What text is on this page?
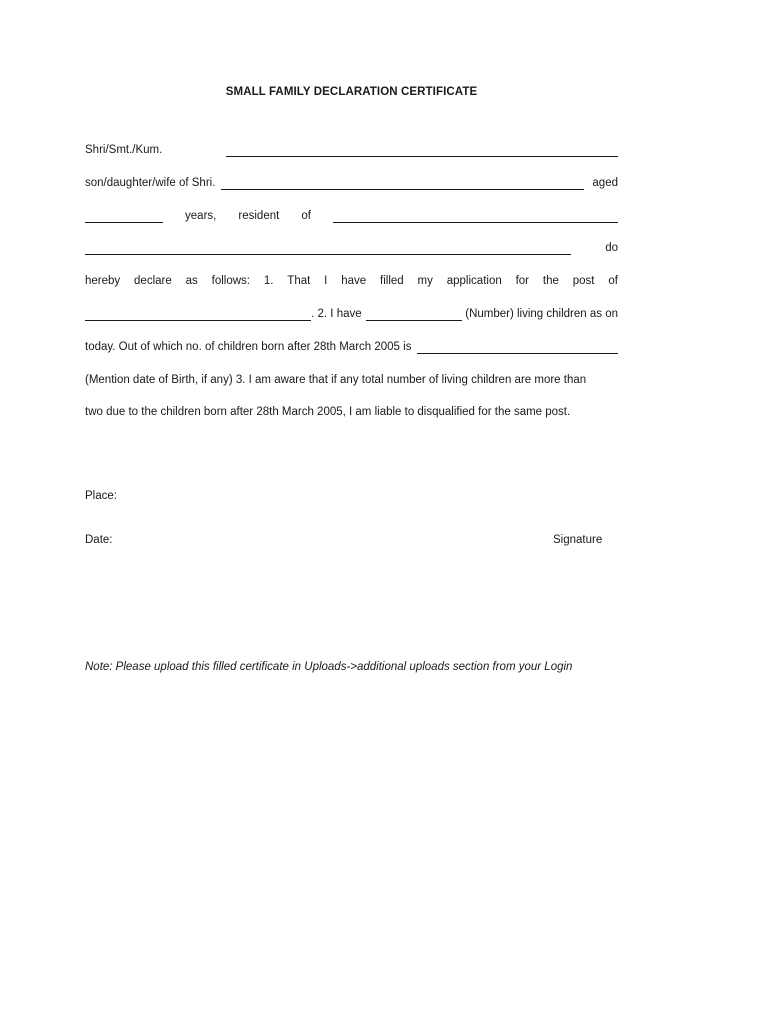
SMALL FAMILY DECLARATION CERTIFICATE
Shri/Smt./Kum.
son/daughter/wife of Shri.	aged
years, resident of
do
hereby declare as follows: 1. That I have filled my application for the post of
. 2. I have	(Number) living children as on
today. Out of which no. of children born after 28th March 2005 is
(Mention date of Birth, if any) 3. I am aware that if any total number of living children are more than
two due to the children born after 28th March 2005, I am liable to disqualified for the same post.
Place:
Date:	Signature
Note: Please upload this filled certificate in Uploads->additional uploads section from your Login
